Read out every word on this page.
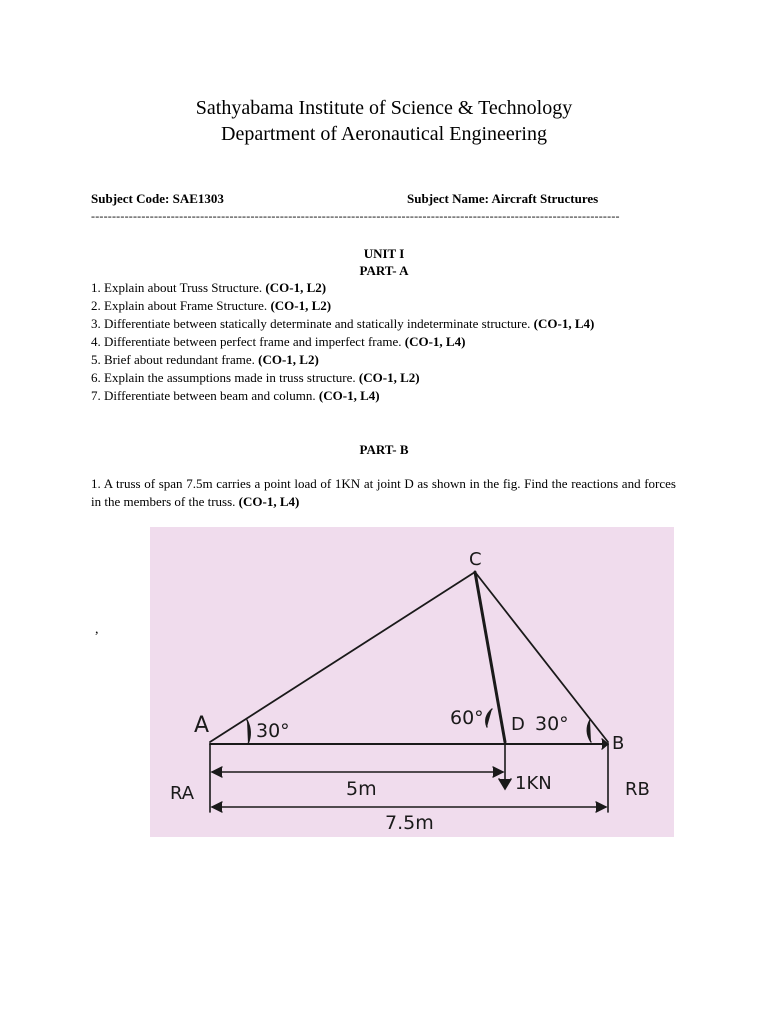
Sathyabama Institute of Science & Technology
Department of Aeronautical Engineering
Subject Code: SAE1303	Subject Name: Aircraft Structures
------------------------------------------------------------------------------------------------------------------------------
UNIT I
PART- A
1. Explain about Truss Structure. (CO-1, L2)
2. Explain about Frame Structure. (CO-1, L2)
3. Differentiate between statically determinate and statically indeterminate structure. (CO-1, L4)
4. Differentiate between perfect frame and imperfect frame. (CO-1, L4)
5. Brief about redundant frame. (CO-1, L2)
6. Explain the assumptions made in truss structure. (CO-1, L2)
7. Differentiate between beam and column. (CO-1, L4)
PART- B
1. A truss of span 7.5m carries a point load of 1KN at joint D as shown in the fig. Find the reactions and forces in the members of the truss. (CO-1, L4)
,
C
A
B
D
30°
60°	30°
RA	RB
5m	1KN
7.5m
